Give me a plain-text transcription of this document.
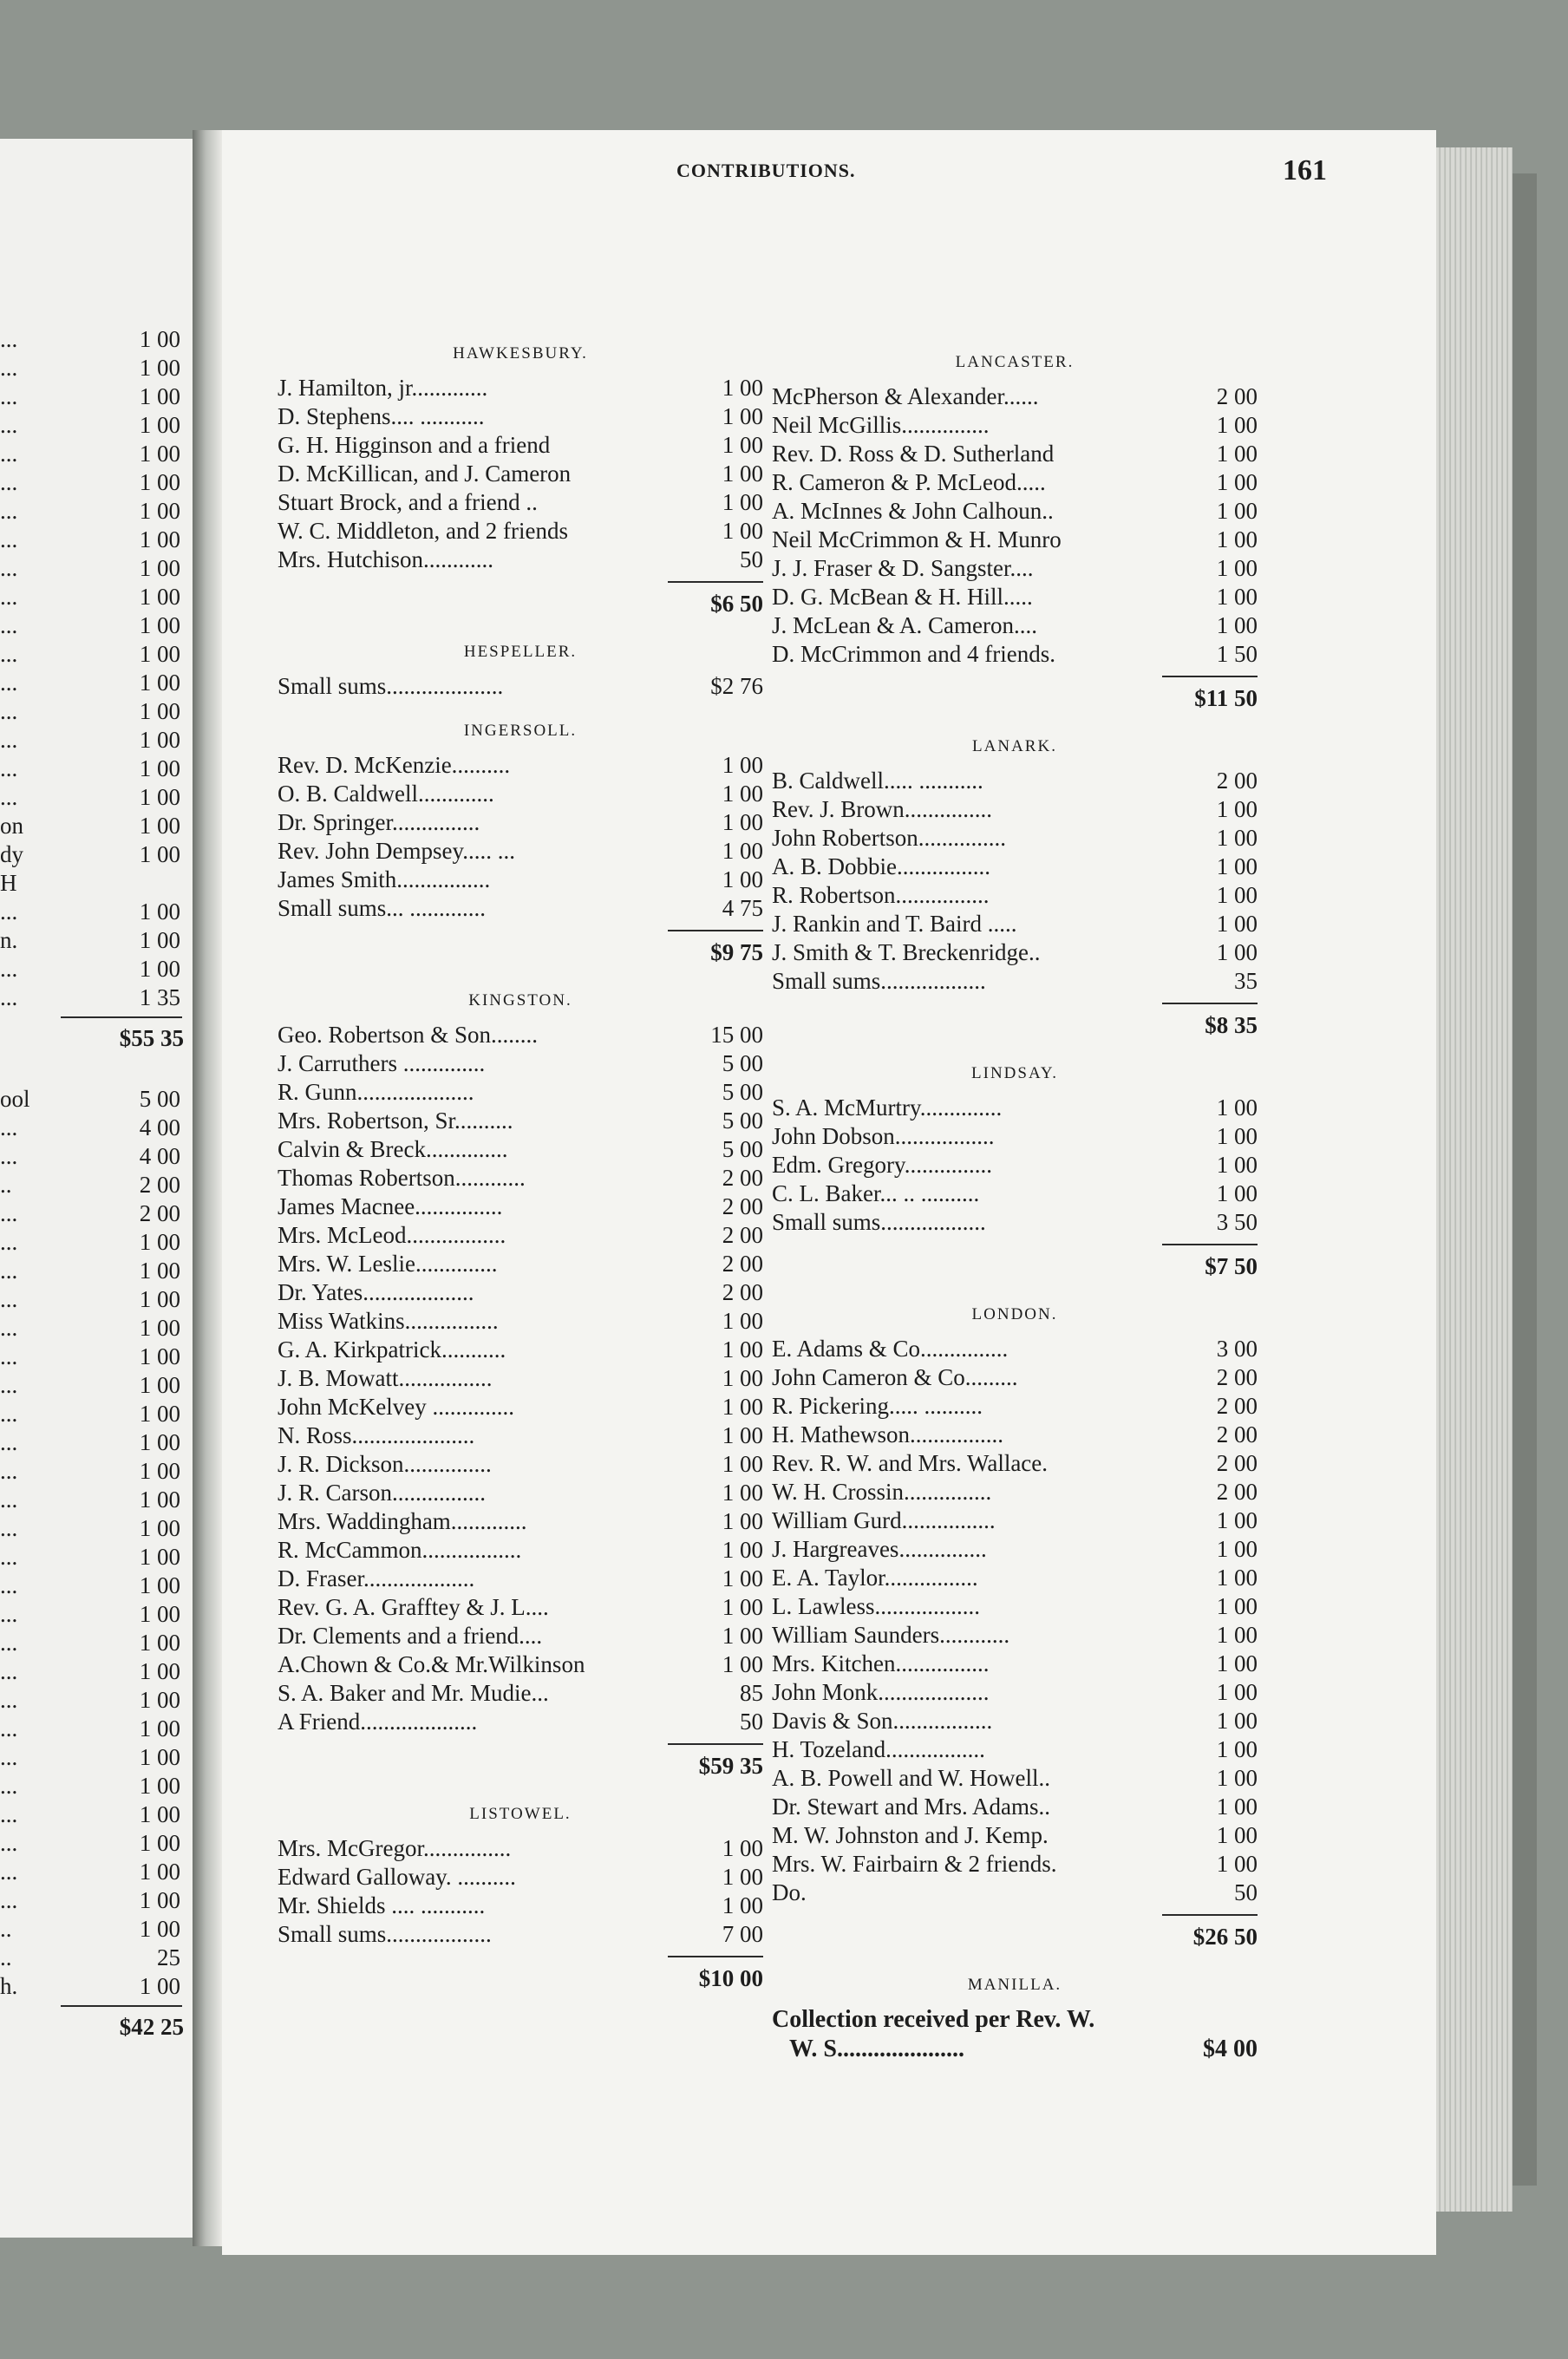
...	1 00
...	1 00
...	1 00
...	1 00
...	1 00
...	1 00
...	1 00
...	1 00
...	1 00
...	1 00
...	1 00
...	1 00
...	1 00
...	1 00
...	1 00
...	1 00
...	1 00
on	1 00
dy	1 00
H
...	1 00
n.	1 00
...	1 00
...	1 35
$55 35
ool	5 00
...	4 00
...	4 00
..	2 00
...	2 00
...	1 00
...	1 00
...	1 00
...	1 00
...	1 00
...	1 00
...	1 00
...	1 00
...	1 00
...	1 00
...	1 00
...	1 00
...	1 00
...	1 00
...	1 00
...	1 00
...	1 00
...	1 00
...	1 00
...	1 00
...	1 00
...	1 00
...	1 00
...	1 00
..	1 00
..	25
h.	1 00
$42 25
CONTRIBUTIONS.	161
HAWKESBURY.
J. Hamilton, jr.............	1 00
D. Stephens.... ...........	1 00
G. H. Higginson and a friend	1 00
D. McKillican, and J. Cameron	1 00
Stuart Brock, and a friend ..	1 00
W. C. Middleton, and 2 friends	1 00
Mrs. Hutchison............	50
$6 50
HESPELLER.
Small sums....................	$2 76
INGERSOLL.
Rev. D. McKenzie..........	1 00
O. B. Caldwell.............	1 00
Dr. Springer...............	1 00
Rev. John Dempsey..... ...	1 00
James Smith................	1 00
Small sums... .............	4 75
$9 75
KINGSTON.
Geo. Robertson & Son........	15 00
J. Carruthers ..............	5 00
R. Gunn....................	5 00
Mrs. Robertson, Sr..........	5 00
Calvin & Breck..............	5 00
Thomas Robertson............	2 00
James Macnee...............	2 00
Mrs. McLeod.................	2 00
Mrs. W. Leslie..............	2 00
Dr. Yates...................	2 00
Miss Watkins................	1 00
G. A. Kirkpatrick...........	1 00
J. B. Mowatt................	1 00
John McKelvey ..............	1 00
N. Ross.....................	1 00
J. R. Dickson...............	1 00
J. R. Carson................	1 00
Mrs. Waddingham.............	1 00
R. McCammon.................	1 00
D. Fraser...................	1 00
Rev. G. A. Grafftey & J. L....	1 00
Dr. Clements and a friend....	1 00
A.Chown & Co.& Mr.Wilkinson	1 00
S. A. Baker and Mr. Mudie...	85
A Friend....................	50
$59 35
LISTOWEL.
Mrs. McGregor...............	1 00
Edward Galloway. ..........	1 00
Mr. Shields .... ...........	1 00
Small sums..................	7 00
$10 00
LANCASTER.
McPherson & Alexander......	2 00
Neil McGillis...............	1 00
Rev. D. Ross & D. Sutherland	1 00
R. Cameron & P. McLeod.....	1 00
A. McInnes & John Calhoun..	1 00
Neil McCrimmon & H. Munro	1 00
J. J. Fraser & D. Sangster....	1 00
D. G. McBean & H. Hill.....	1 00
J. McLean & A. Cameron....	1 00
D. McCrimmon and 4 friends.	1 50
$11 50
LANARK.
B. Caldwell..... ...........	2 00
Rev. J. Brown...............	1 00
John Robertson...............	1 00
A. B. Dobbie................	1 00
R. Robertson................	1 00
J. Rankin and T. Baird .....	1 00
J. Smith & T. Breckenridge..	1 00
Small sums..................	35
$8 35
LINDSAY.
S. A. McMurtry..............	1 00
John Dobson.................	1 00
Edm. Gregory...............	1 00
C. L. Baker... .. ..........	1 00
Small sums..................	3 50
$7 50
LONDON.
E. Adams & Co...............	3 00
John Cameron & Co.........	2 00
R. Pickering..... ..........	2 00
H. Mathewson................	2 00
Rev. R. W. and Mrs. Wallace.	2 00
W. H. Crossin...............	2 00
William Gurd................	1 00
J. Hargreaves...............	1 00
E. A. Taylor................	1 00
L. Lawless..................	1 00
William Saunders............	1 00
Mrs. Kitchen................	1 00
John Monk...................	1 00
Davis & Son.................	1 00
H. Tozeland.................	1 00
A. B. Powell and W. Howell..	1 00
Dr. Stewart and Mrs. Adams..	1 00
M. W. Johnston and J. Kemp.	1 00
Mrs. W. Fairbairn & 2 friends.	1 00
Do.	50
$26 50
MANILLA.
Collection received per Rev. W.
W. S.....................	$4 00
